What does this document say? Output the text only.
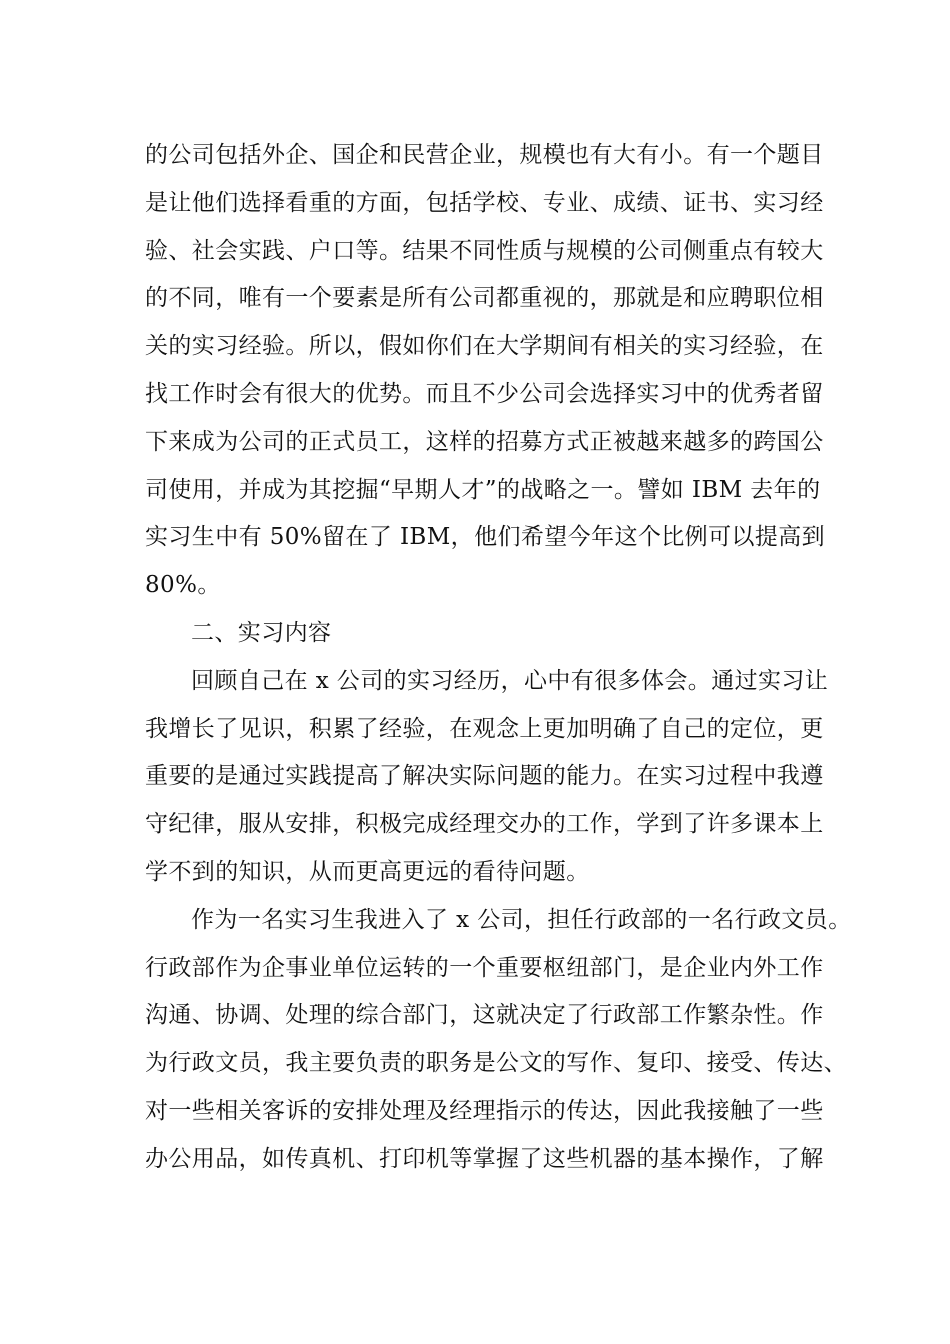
的公司包括外企、国企和民营企业，规模也有大有小。有一个题目
是让他们选择看重的方面，包括学校、专业、成绩、证书、实习经
验、社会实践、户口等。结果不同性质与规模的公司侧重点有较大
的不同，唯有一个要素是所有公司都重视的，那就是和应聘职位相
关的实习经验。所以，假如你们在大学期间有相关的实习经验，在
找工作时会有很大的优势。而且不少公司会选择实习中的优秀者留
下来成为公司的正式员工，这样的招募方式正被越来越多的跨国公
司使用，并成为其挖掘“早期人才”的战略之一。譬如 IBM 去年的
实习生中有 50%留在了 IBM，他们希望今年这个比例可以提高到
80%。
二、实习内容
回顾自己在 x 公司的实习经历，心中有很多体会。通过实习让
我增长了见识，积累了经验，在观念上更加明确了自己的定位，更
重要的是通过实践提高了解决实际问题的能力。在实习过程中我遵
守纪律，服从安排，积极完成经理交办的工作，学到了许多课本上
学不到的知识，从而更高更远的看待问题。
作为一名实习生我进入了 x 公司，担任行政部的一名行政文员。
行政部作为企事业单位运转的一个重要枢纽部门，是企业内外工作
沟通、协调、处理的综合部门，这就决定了行政部工作繁杂性。作
为行政文员，我主要负责的职务是公文的写作、复印、接受、传达、
对一些相关客诉的安排处理及经理指示的传达，因此我接触了一些
办公用品，如传真机、打印机等掌握了这些机器的基本操作，了解
